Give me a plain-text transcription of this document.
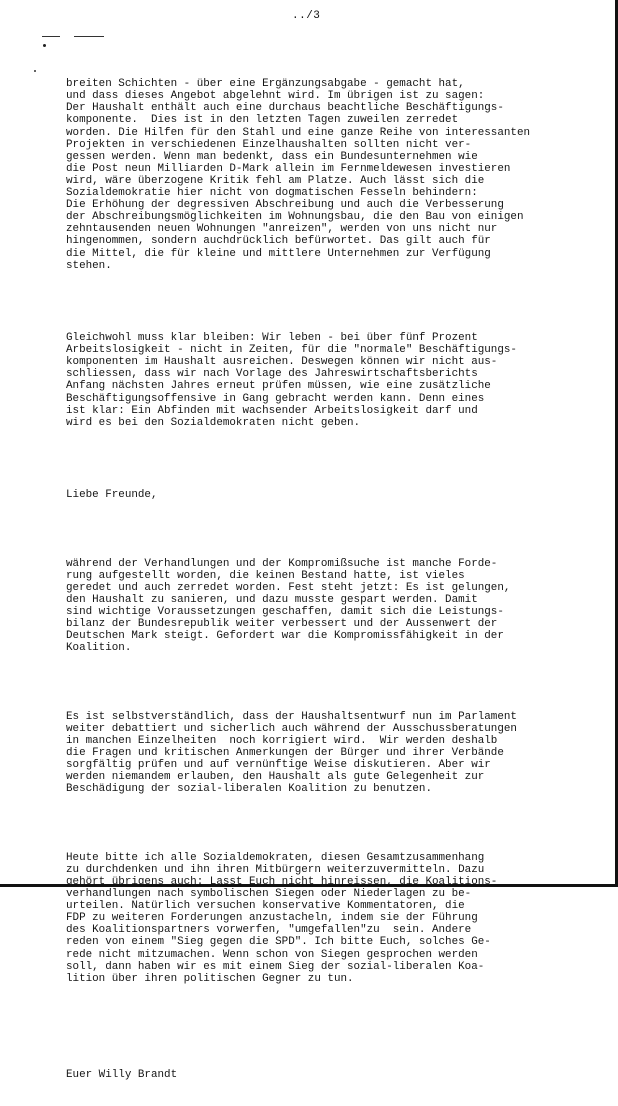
../3

breiten Schichten - über eine Ergänzungsabgabe - gemacht hat,
und dass dieses Angebot abgelehnt wird. Im übrigen ist zu sagen:
Der Haushalt enthält auch eine durchaus beachtliche Beschäftigungs-
komponente.  Dies ist in den letzten Tagen zuweilen zerredet
worden. Die Hilfen für den Stahl und eine ganze Reihe von interessanten
Projekten in verschiedenen Einzelhaushalten sollten nicht ver-
gessen werden. Wenn man bedenkt, dass ein Bundesunternehmen wie
die Post neun Milliarden D-Mark allein im Fernmeldewesen investieren
wird, wäre überzogene Kritik fehl am Platze. Auch lässt sich die
Sozialdemokratie hier nicht von dogmatischen Fesseln behindern:
Die Erhöhung der degressiven Abschreibung und auch die Verbesserung
der Abschreibungsmöglichkeiten im Wohnungsbau, die den Bau von einigen
zehntausenden neuen Wohnungen "anreizen", werden von uns nicht nur
hingenommen, sondern auchdrücklich befürwortet. Das gilt auch für
die Mittel, die für kleine und mittlere Unternehmen zur Verfügung
stehen.

Gleichwohl muss klar bleiben: Wir leben - bei über fünf Prozent
Arbeitslosigkeit - nicht in Zeiten, für die "normale" Beschäftigungs-
komponenten im Haushalt ausreichen. Deswegen können wir nicht aus-
schliessen, dass wir nach Vorlage des Jahreswirtschaftsberichts
Anfang nächsten Jahres erneut prüfen müssen, wie eine zusätzliche
Beschäftigungsoffensive in Gang gebracht werden kann. Denn eines
ist klar: Ein Abfinden mit wachsender Arbeitslosigkeit darf und
wird es bei den Sozialdemokraten nicht geben.

Liebe Freunde,

während der Verhandlungen und der Kompromißsuche ist manche Forde-
rung aufgestellt worden, die keinen Bestand hatte, ist vieles
geredet und auch zerredet worden. Fest steht jetzt: Es ist gelungen,
den Haushalt zu sanieren, und dazu musste gespart werden. Damit
sind wichtige Voraussetzungen geschaffen, damit sich die Leistungs-
bilanz der Bundesrepublik weiter verbessert und der Aussenwert der
Deutschen Mark steigt. Gefordert war die Kompromissfähigkeit in der
Koalition.

Es ist selbstverständlich, dass der Haushaltsentwurf nun im Parlament
weiter debattiert und sicherlich auch während der Ausschussberatungen
in manchen Einzelheiten  noch korrigiert wird.  Wir werden deshalb
die Fragen und kritischen Anmerkungen der Bürger und ihrer Verbände
sorgfältig prüfen und auf vernünftige Weise diskutieren. Aber wir
werden niemandem erlauben, den Haushalt als gute Gelegenheit zur
Beschädigung der sozial-liberalen Koalition zu benutzen.

Heute bitte ich alle Sozialdemokraten, diesen Gesamtzusammenhang
zu durchdenken und ihn ihren Mitbürgern weiterzuvermitteln. Dazu
gehört übrigens auch: Lasst Euch nicht hinreissen, die Koalitions-
verhandlungen nach symbolischen Siegen oder Niederlagen zu be-
urteilen. Natürlich versuchen konservative Kommentatoren, die
FDP zu weiteren Forderungen anzustacheln, indem sie der Führung
des Koalitionspartners vorwerfen, "umgefallen"zu  sein. Andere
reden von einem "Sieg gegen die SPD". Ich bitte Euch, solches Ge-
rede nicht mitzumachen. Wenn schon von Siegen gesprochen werden
soll, dann haben wir es mit einem Sieg der sozial-liberalen Koa-
lition über ihren politischen Gegner zu tun.

Euer Willy Brandt
